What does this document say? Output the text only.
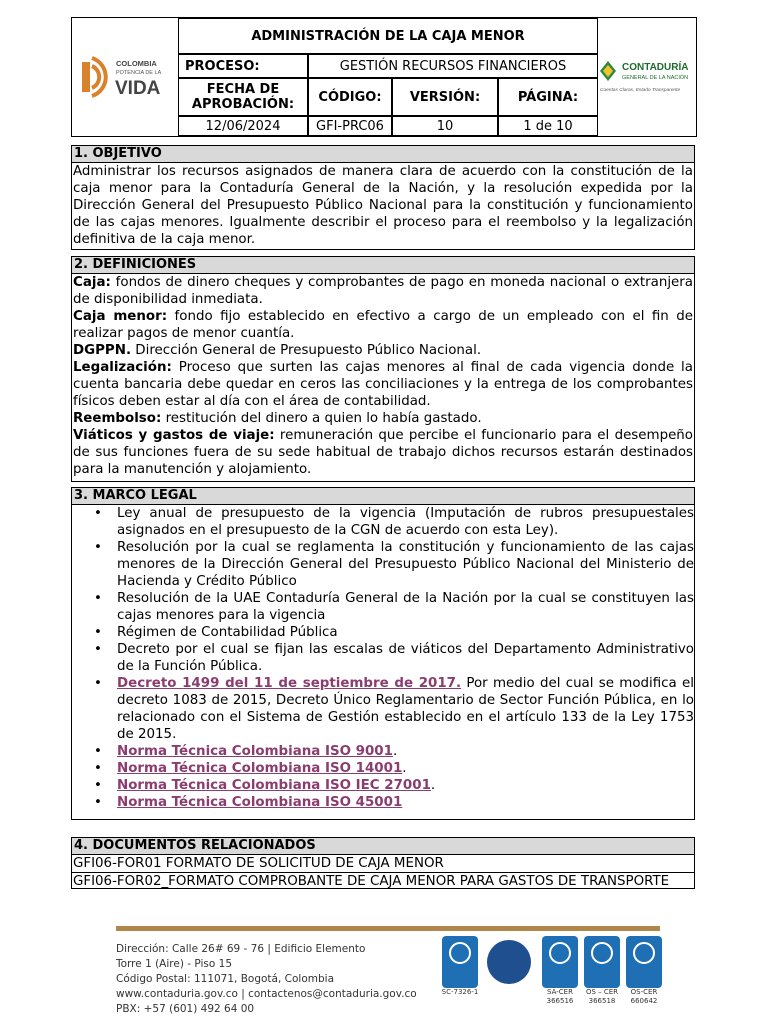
COLOMBIA
POTENCIA DE LA
VIDA
ADMINISTRACIÓN DE LA CAJA MENOR
PROCESO:	GESTIÓN RECURSOS FINANCIEROS
FECHA DE APROBACIÓN:	CÓDIGO:	VERSIÓN:	PÁGINA:
12/06/2024	GFI-PRC06	10	1 de 10
CONTADURÍA
GENERAL DE LA NACIÓN
Cuentas Claras, Estado Transparente
1. OBJETIVO
Administrar los recursos asignados de manera clara de acuerdo con la constitución de la caja menor para la Contaduría General de la Nación, y la resolución expedida por la Dirección General del Presupuesto Público Nacional para la constitución y funcionamiento de las cajas menores. Igualmente describir el proceso para el reembolso y la legalización definitiva de la caja menor.
2. DEFINICIONES

Caja: fondos de dinero cheques y comprobantes de pago en moneda nacional o extranjera de disponibilidad inmediata.

Caja menor: fondo fijo establecido en efectivo a cargo de un empleado con el fin de realizar pagos de menor cuantía.

DGPPN. Dirección General de Presupuesto Público Nacional.

Legalización: Proceso que surten las cajas menores al final de cada vigencia donde la cuenta bancaria debe quedar en ceros las conciliaciones y la entrega de los comprobantes físicos deben estar al día con el área de contabilidad.

Reembolso: restitución del dinero a quien lo había gastado.

Viáticos y gastos de viaje: remuneración que percibe el funcionario para el desempeño de sus funciones fuera de su sede habitual de trabajo dichos recursos estarán destinados para la manutención y alojamiento.

3. MARCO LEGAL
• Ley anual de presupuesto de la vigencia (Imputación de rubros presupuestales asignados en el presupuesto de la CGN de acuerdo con esta Ley).
• Resolución por la cual se reglamenta la constitución y funcionamiento de las cajas menores de la Dirección General del Presupuesto Público Nacional del Ministerio de Hacienda y Crédito Público
• Resolución de la UAE Contaduría General de la Nación por la cual se constituyen las cajas menores para la vigencia
• Régimen de Contabilidad Pública
• Decreto por el cual se fijan las escalas de viáticos del Departamento Administrativo de la Función Pública.
• Decreto 1499 del 11 de septiembre de 2017. Por medio del cual se modifica el decreto 1083 de 2015, Decreto Único Reglamentario de Sector Función Pública, en lo relacionado con el Sistema de Gestión establecido en el artículo 133 de la Ley 1753 de 2015.
• Norma Técnica Colombiana ISO 9001.
• Norma Técnica Colombiana ISO 14001.
• Norma Técnica Colombiana ISO IEC 27001.
• Norma Técnica Colombiana ISO 45001
4. DOCUMENTOS RELACIONADOS
GFI06-FOR01 FORMATO DE SOLICITUD DE CAJA MENOR
GFI06-FOR02_FORMATO COMPROBANTE DE CAJA MENOR PARA GASTOS DE TRANSPORTE
Dirección: Calle 26# 69 - 76 | Edificio Elemento
Torre 1 (Aire) - Piso 15
Código Postal: 111071, Bogotá, Colombia
www.contaduria.gov.co | contactenos@contaduria.gov.co
PBX: +57 (601) 492 64 00
SC-7326-1	SA-CER 366516
OS – CER 366518
OS-CER 660642
